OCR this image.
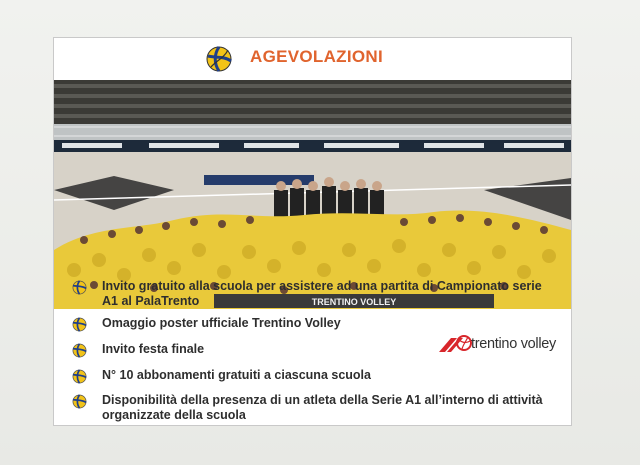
AGEVOLAZIONI
TRENTINO VOLLEY
Invito gratuito alla scuola per assistere ad una partita di Campionato serie A1 al PalaTrento
Omaggio poster ufficiale Trentino Volley
Invito festa finale
N° 10 abbonamenti gratuiti a ciascuna scuola
Disponibilità della presenza di un atleta della Serie A1 all’interno di attività organizzate della scuola
trentino volley
